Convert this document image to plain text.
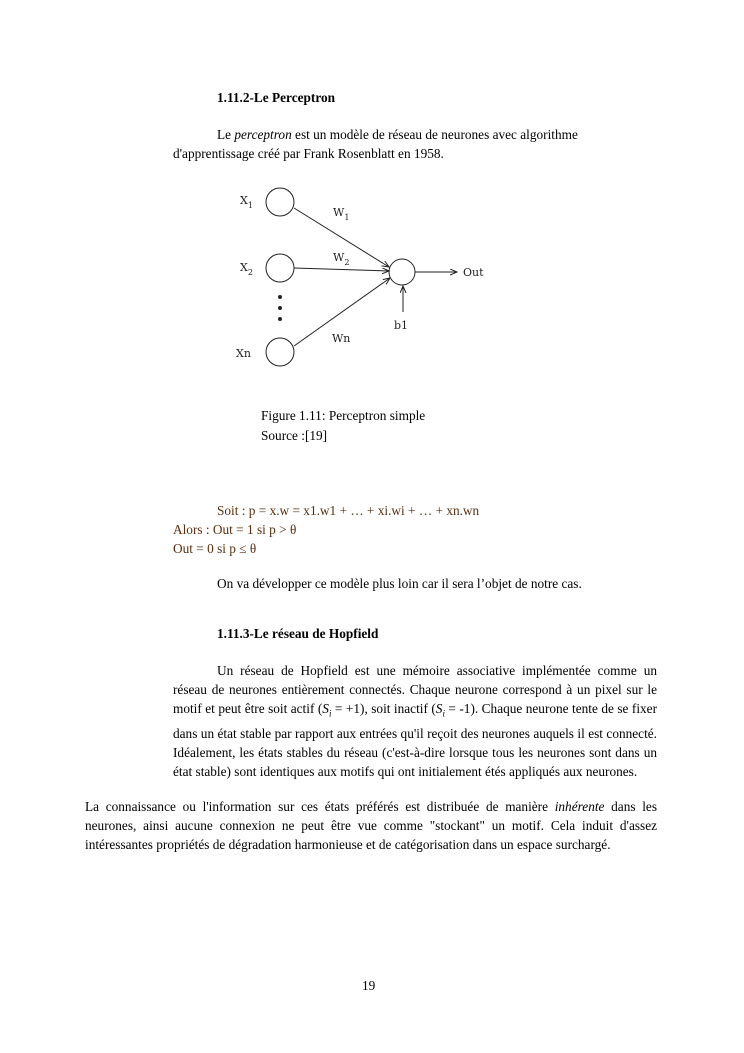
1.11.2-Le Perceptron
Le perceptron est un modèle de réseau de neurones avec algorithme
d'apprentissage créé par Frank Rosenblatt en 1958.
$X_1$
$X_2$
Xn
$W_1$
$W_2$
Wn
Out
b1
Figure 1.11: Perceptron simple
Source :[19]
Soit : p = x.w = x1.w1 + … + xi.wi + … + xn.wn
Alors : Out = 1 si p > θ
Out = 0 si p ≤ θ
On va développer ce modèle plus loin car il sera l’objet de notre cas.
1.11.3-Le réseau de Hopfield
Un réseau de Hopfield est une mémoire associative implémentée comme un réseau de neurones entièrement connectés. Chaque neurone correspond à un pixel sur le motif et peut être soit actif $(S_i = +1)$, soit inactif $(S_i = -1)$. Chaque neurone tente de se fixer dans un état stable par rapport aux entrées qu'il reçoit des neurones auquels il est connecté. Idéalement, les états stables du réseau (c'est-à-dire lorsque tous les neurones sont dans un état stable) sont identiques aux motifs qui ont initialement étés appliqués aux neurones.
La connaissance ou l'information sur ces états préférés est distribuée de manière inhérente dans les neurones, ainsi aucune connexion ne peut être vue comme "stockant" un motif. Cela induit d'assez intéressantes propriétés de dégradation harmonieuse et de catégorisation dans un espace surchargé.
19
